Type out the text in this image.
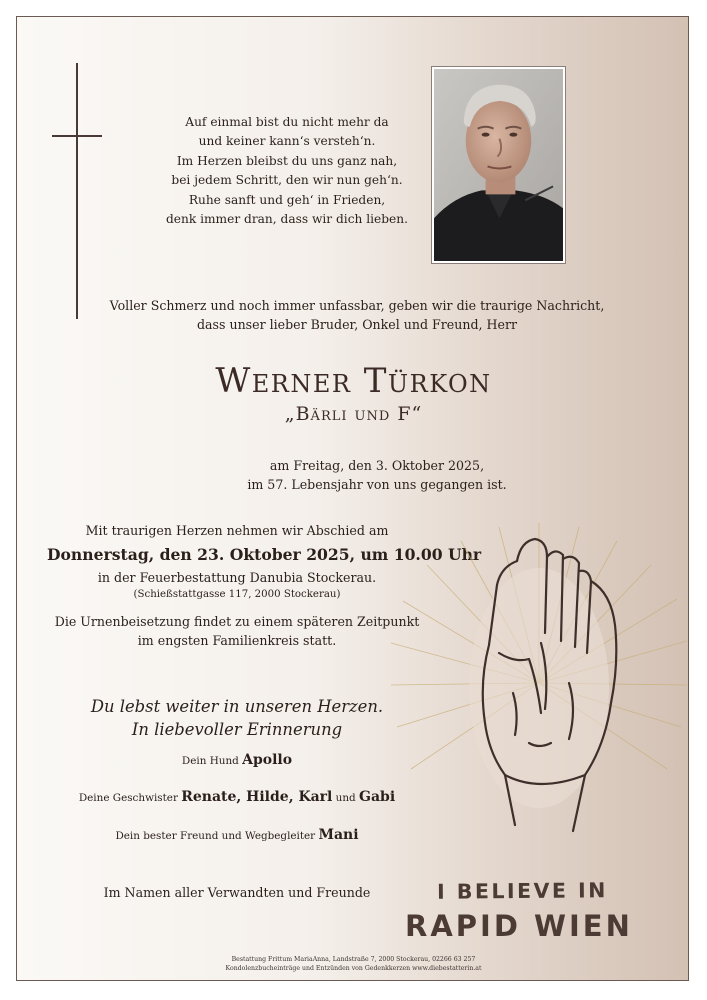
Auf einmal bist du nicht mehr da
und keiner kann‘s versteh‘n.
Im Herzen bleibst du uns ganz nah,
bei jedem Schritt, den wir nun geh‘n.
Ruhe sanft und geh‘ in Frieden,
denk immer dran, dass wir dich lieben.
Voller Schmerz und noch immer unfassbar, geben wir die traurige Nachricht,
dass unser lieber Bruder, Onkel und Freund, Herr
Werner Türkon
„Bärli und F“
am Freitag, den 3. Oktober 2025,
im 57. Lebensjahr von uns gegangen ist.
Mit traurigen Herzen nehmen wir Abschied am
Donnerstag, den 23. Oktober 2025, um 10.00 Uhr
in der Feuerbestattung Danubia Stockerau.
(Schießstattgasse 117, 2000 Stockerau)
Die Urnenbeisetzung findet zu einem späteren Zeitpunkt
im engsten Familienkreis statt.
Du lebst weiter in unseren Herzen.
In liebevoller Erinnerung
Dein Hund Apollo
Deine Geschwister Renate, Hilde, Karl und Gabi
Dein bester Freund und Wegbegleiter Mani
Im Namen aller Verwandten und Freunde	I BELIEVE IN
RAPID WIEN
Bestattung Frittum MariaAnna, Landstraße 7, 2000 Stockerau, 02266 63 257
Kondolenzbucheinträge und Entzünden von Gedenkkerzen www.diebestatterin.at
